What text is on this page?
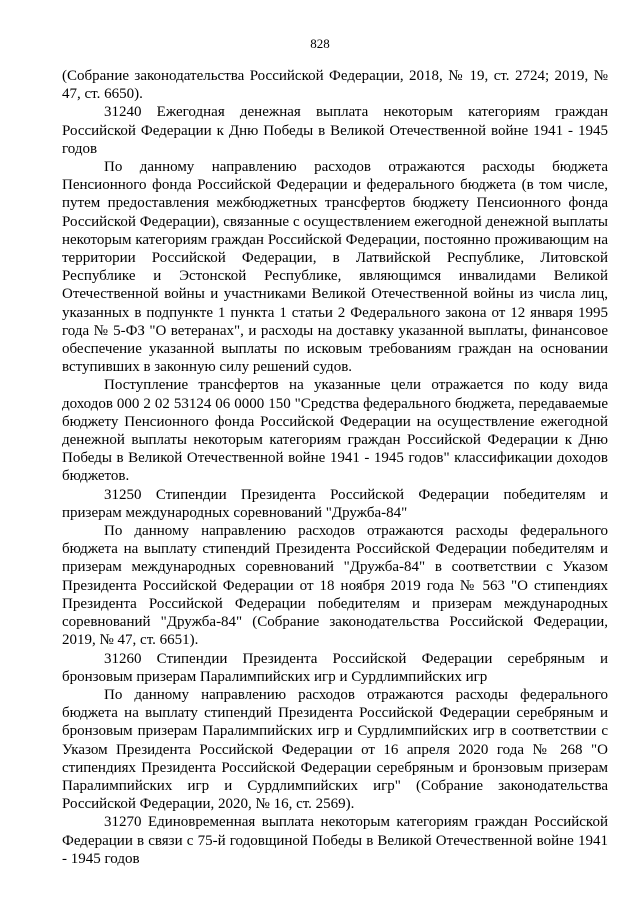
828

(Собрание законодательства Российской Федерации, 2018, № 19, ст. 2724; 2019, № 47, ст. 6650).

31240 Ежегодная денежная выплата некоторым категориям граждан Российской Федерации к Дню Победы в Великой Отечественной войне 1941 - 1945 годов

По данному направлению расходов отражаются расходы бюджета Пенсионного фонда Российской Федерации и федерального бюджета (в том числе, путем предоставления межбюджетных трансфертов бюджету Пенсионного фонда Российской Федерации), связанные с осуществлением ежегодной денежной выплаты некоторым категориям граждан Российской Федерации, постоянно проживающим на территории Российской Федерации, в Латвийской Республике, Литовской Республике и Эстонской Республике, являющимся инвалидами Великой Отечественной войны и участниками Великой Отечественной войны из числа лиц, указанных в подпункте 1 пункта 1 статьи 2 Федерального закона от 12 января 1995 года № 5-ФЗ "О ветеранах", и расходы на доставку указанной выплаты, финансовое обеспечение указанной выплаты по исковым требованиям граждан на основании вступивших в законную силу решений судов.

Поступление трансфертов на указанные цели отражается по коду вида доходов 000 2 02 53124 06 0000 150 "Средства федерального бюджета, передаваемые бюджету Пенсионного фонда Российской Федерации на осуществление ежегодной денежной выплаты некоторым категориям граждан Российской Федерации к Дню Победы в Великой Отечественной войне 1941 - 1945 годов" классификации доходов бюджетов.

31250 Стипендии Президента Российской Федерации победителям и призерам международных соревнований "Дружба-84"

По данному направлению расходов отражаются расходы федерального бюджета на выплату стипендий Президента Российской Федерации победителям и призерам международных соревнований "Дружба-84" в соответствии с Указом Президента Российской Федерации от 18 ноября 2019 года № 563 "О стипендиях Президента Российской Федерации победителям и призерам международных соревнований "Дружба-84" (Собрание законодательства Российской Федерации, 2019, № 47, ст. 6651).

31260 Стипендии Президента Российской Федерации серебряным и бронзовым призерам Паралимпийских игр и Сурдлимпийских игр

По данному направлению расходов отражаются расходы федерального бюджета на выплату стипендий Президента Российской Федерации серебряным и бронзовым призерам Паралимпийских игр и Сурдлимпийских игр в соответствии с Указом Президента Российской Федерации от 16 апреля 2020 года № 268 "О стипендиях Президента Российской Федерации серебряным и бронзовым призерам Паралимпийских игр и Сурдлимпийских игр" (Собрание законодательства Российской Федерации, 2020, № 16, ст. 2569).

31270 Единовременная выплата некоторым категориям граждан Российской Федерации в связи с 75-й годовщиной Победы в Великой Отечественной войне 1941 - 1945 годов
